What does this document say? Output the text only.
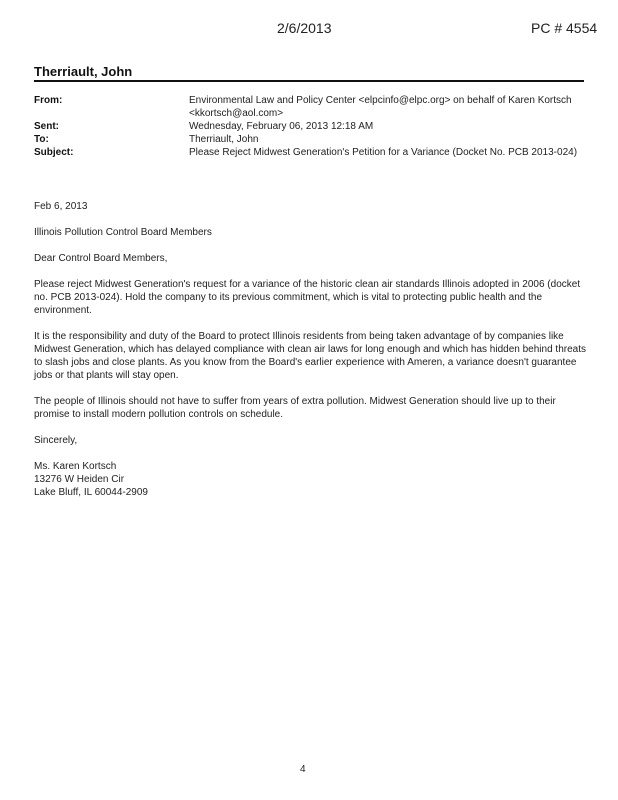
2/6/2013	PC # 4554
Therriault, John
From:	Environmental Law and Policy Center <elpcinfo@elpc.org> on behalf of Karen Kortsch
<kkortsch@aol.com>
Sent:	Wednesday, February 06, 2013 12:18 AM
To:	Therriault, John
Subject:	Please Reject Midwest Generation's Petition for a Variance (Docket No. PCB 2013-024)

Feb 6, 2013

Illinois Pollution Control Board Members

Dear Control Board Members,

Please reject Midwest Generation's request for a variance of the historic clean air standards Illinois adopted in 2006 (docket no. PCB 2013-024). Hold the company to its previous commitment, which is vital to protecting public health and the environment.

It is the responsibility and duty of the Board to protect Illinois residents from being taken advantage of by companies like Midwest Generation, which has delayed compliance with clean air laws for long enough and which has hidden behind threats to slash jobs and close plants. As you know from the Board's earlier experience with Ameren, a variance doesn't guarantee jobs or that plants will stay open.

The people of Illinois should not have to suffer from years of extra pollution. Midwest Generation should live up to their promise to install modern pollution controls on schedule.

Sincerely,

Ms. Karen Kortsch
13276 W Heiden Cir
Lake Bluff, IL 60044-2909
4
